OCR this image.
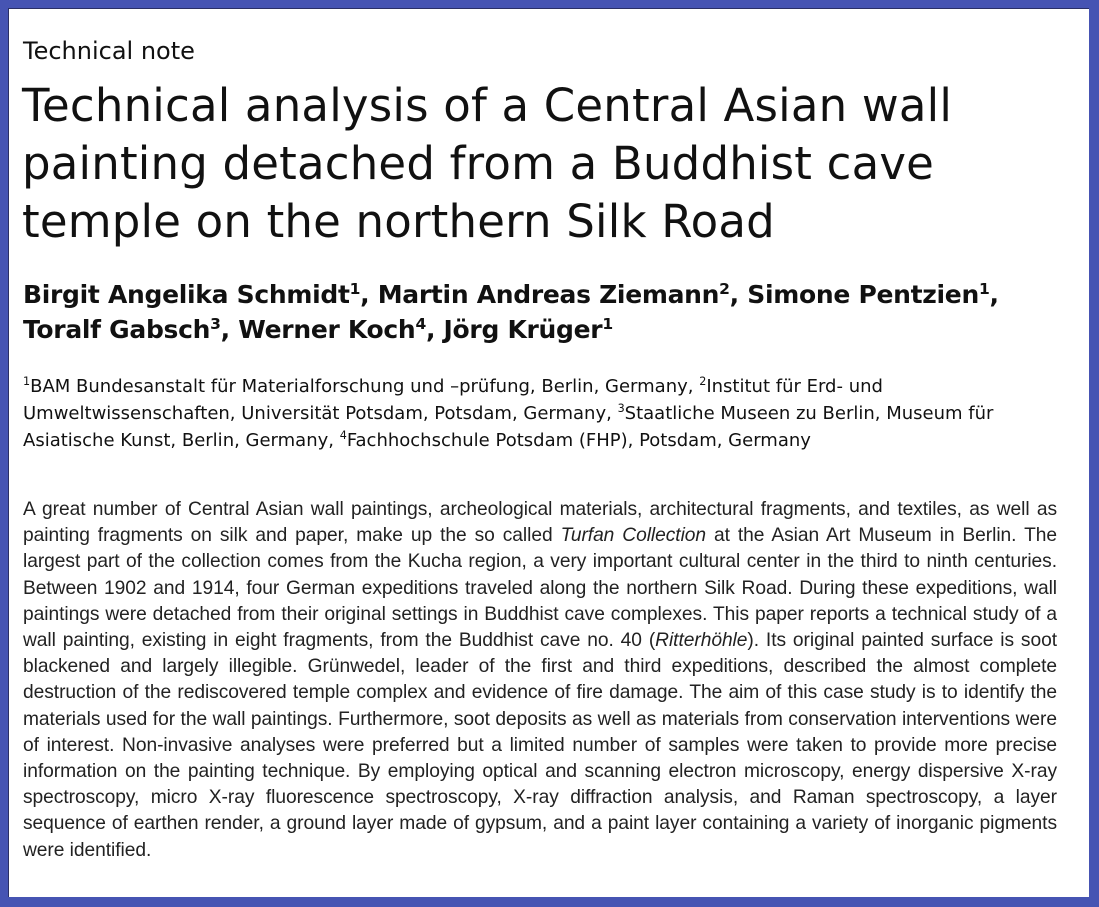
Technical note
Technical analysis of a Central Asian wall painting detached from a Buddhist cave temple on the northern Silk Road
Birgit Angelika Schmidt$^1$, Martin Andreas Ziemann$^2$, Simone Pentzien$^1$,
Toralf Gabsch$^3$, Werner Koch$^4$, Jörg Krüger$^1$
$^1$BAM Bundesanstalt für Materialforschung und –prüfung, Berlin, Germany, $^2$Institut für Erd- und Umweltwissenschaften, Universität Potsdam, Potsdam, Germany, $^3$Staatliche Museen zu Berlin, Museum für Asiatische Kunst, Berlin, Germany, $^4$Fachhochschule Potsdam (FHP), Potsdam, Germany
A great number of Central Asian wall paintings, archeological materials, architectural fragments, and textiles, as well as painting fragments on silk and paper, make up the so called Turfan Collection at the Asian Art Museum in Berlin. The largest part of the collection comes from the Kucha region, a very important cultural center in the third to ninth centuries. Between 1902 and 1914, four German expeditions traveled along the northern Silk Road. During these expeditions, wall paintings were detached from their original settings in Buddhist cave complexes. This paper reports a technical study of a wall painting, existing in eight fragments, from the Buddhist cave no. 40 (Ritterhöhle). Its original painted surface is soot blackened and largely illegible. Grünwedel, leader of the first and third expeditions, described the almost complete destruction of the rediscovered temple complex and evidence of fire damage. The aim of this case study is to identify the materials used for the wall paintings. Furthermore, soot deposits as well as materials from conservation interventions were of interest. Non-invasive analyses were preferred but a limited number of samples were taken to provide more precise information on the painting technique. By employing optical and scanning electron microscopy, energy dispersive X-ray spectroscopy, micro X-ray fluorescence spectroscopy, X-ray diffraction analysis, and Raman spectroscopy, a layer sequence of earthen render, a ground layer made of gypsum, and a paint layer containing a variety of inorganic pigments were identified.
